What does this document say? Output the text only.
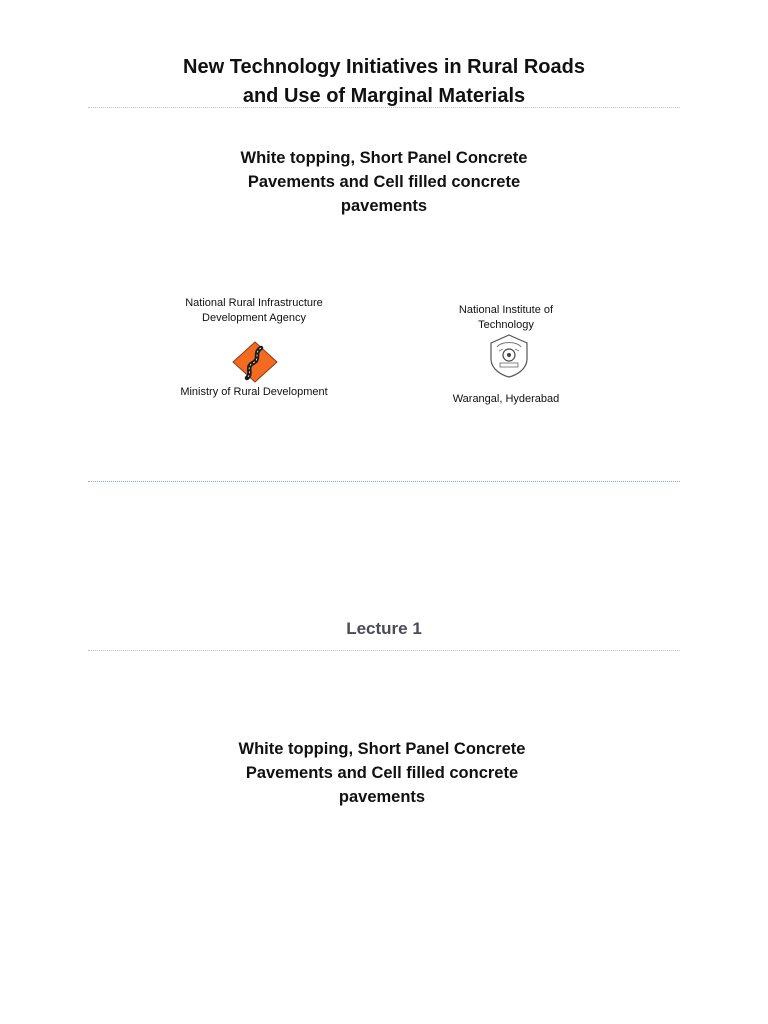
New Technology Initiatives in Rural Roads
and Use of Marginal Materials
White topping, Short Panel Concrete
Pavements and Cell filled concrete
pavements
National Rural Infrastructure
Development Agency
Ministry of Rural Development
National Institute of
Technology
Warangal, Hyderabad
Lecture 1
White topping, Short Panel Concrete
Pavements and Cell filled concrete
pavements
